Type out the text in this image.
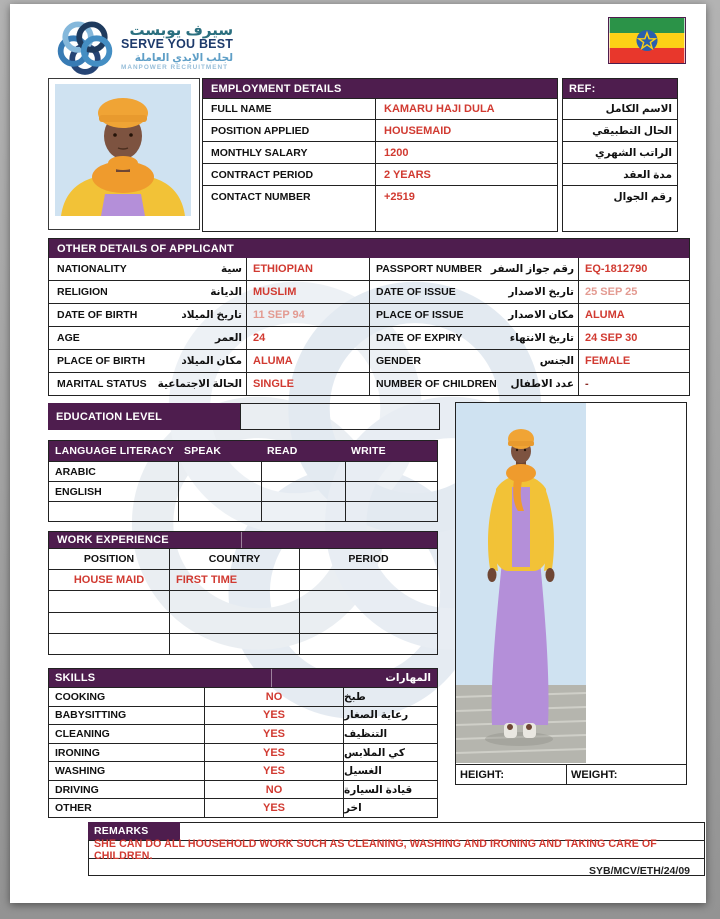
سيرف يوبست
SERVE YOU BEST
لجلب الايدي العاملة
MANPOWER RECRUITMENT
EMPLOYMENT DETAILS
FULL NAME	KAMARU HAJI DULA
POSITION APPLIED	HOUSEMAID
MONTHLY SALARY	1200
CONTRACT PERIOD	2 YEARS
CONTACT NUMBER	+2519
REF:
الاسم الكامل
الحال التطبيقي
الراتب الشهري
مدة العقد
رقم الجوال
OTHER DETAILS OF APPLICANT
NATIONALITY	سية	ETHIOPIAN	PASSPORT NUMBER رقم جواز السفر	EQ-1812790
RELIGION	الديانة	MUSLIM	DATE OF ISSUE	تاريخ الاصدار	25 SEP 25
DATE OF BIRTH	تاريخ الميلاد	11 SEP 94	PLACE OF ISSUE	مكان الاصدار	ALUMA
AGE	العمر	24	DATE OF EXPIRY	تاريخ الانتهاء	24 SEP 30
PLACE OF BIRTH	مكان الميلاد	ALUMA	GENDER	الجنس	FEMALE
MARITAL STATUS الحالة الاجتماعية	SINGLE	NUMBER OF CHILDREN عدد الاطفال	-
EDUCATION LEVEL
LANGUAGE LITERACY SPEAK	READ	WRITE
ARABIC
ENGLISH
WORK EXPERIENCE
POSITION	COUNTRY	PERIOD
HOUSE MAID	FIRST TIME
SKILLS	المهارات
COOKING	NO	طبخ
BABYSITTING	YES	رعاية الصغار
CLEANING	YES	التنظيف
IRONING	YES	كي الملابس
WASHING	YES	الغسيل
DRIVING	NO	قيادة السيارة
OTHER	YES	اخر
HEIGHT:
	WEIGHT:

REMARKS
SHE CAN DO ALL HOUSEHOLD WORK SUCH AS CLEANING, WASHING AND IRONING AND TAKING CARE OF CHILDREN.
SYB/MCV/ETH/24/09
